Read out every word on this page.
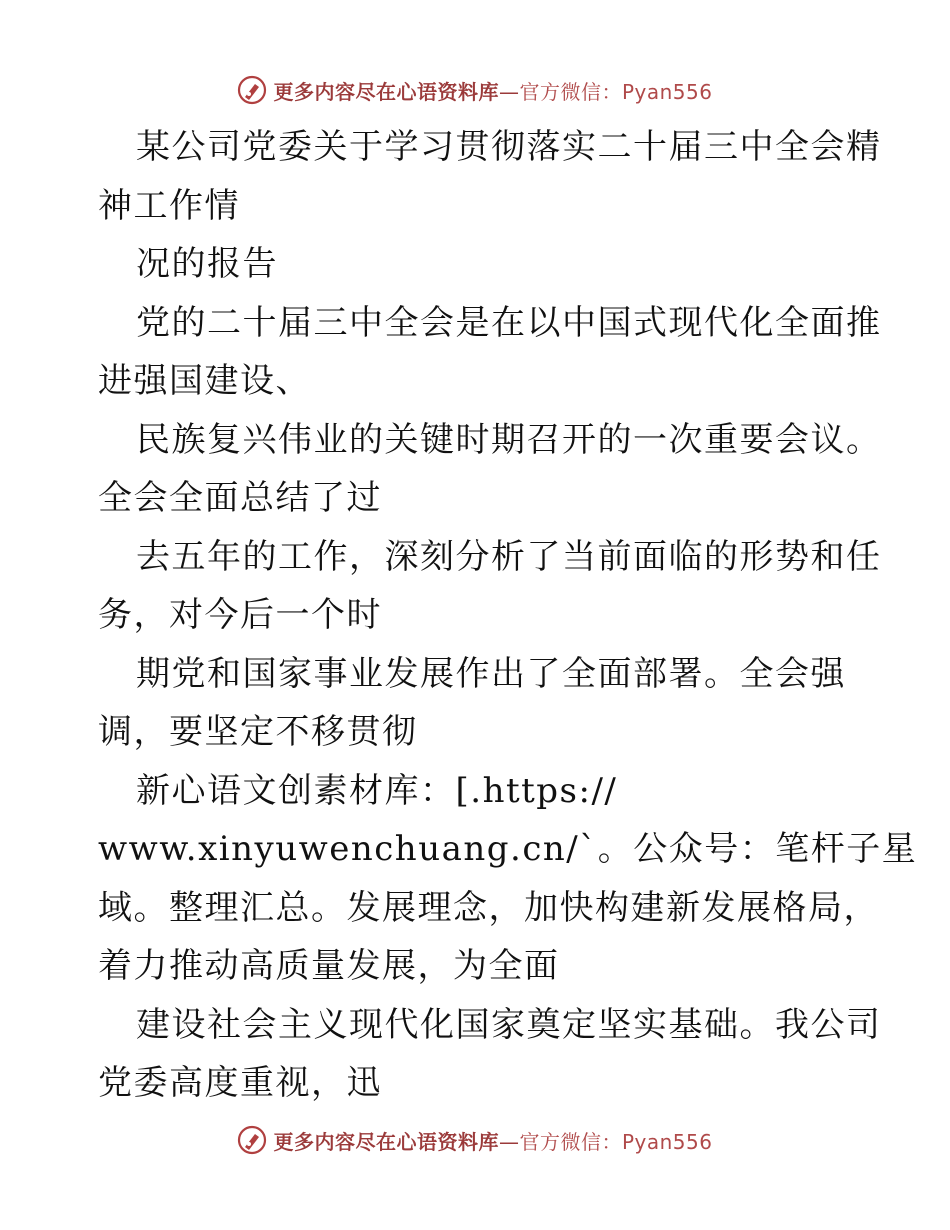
更多内容尽在心语资料库—官方微信：Pyan556
某公司党委关于学习贯彻落实二十届三中全会精
神工作情
况的报告
党的二十届三中全会是在以中国式现代化全面推
进强国建设、
民族复兴伟业的关键时期召开的一次重要会议。
全会全面总结了过
去五年的工作，深刻分析了当前面临的形势和任
务，对今后一个时
期党和国家事业发展作出了全面部署。全会强
调，要坚定不移贯彻
新心语文创素材库：[.https://
www.xinyuwenchuang.cn/`。公众号：笔杆子星
域。整理汇总。发展理念，加快构建新发展格局，
着力推动高质量发展，为全面
建设社会主义现代化国家奠定坚实基础。我公司
党委高度重视，迅
更多内容尽在心语资料库—官方微信：Pyan556
